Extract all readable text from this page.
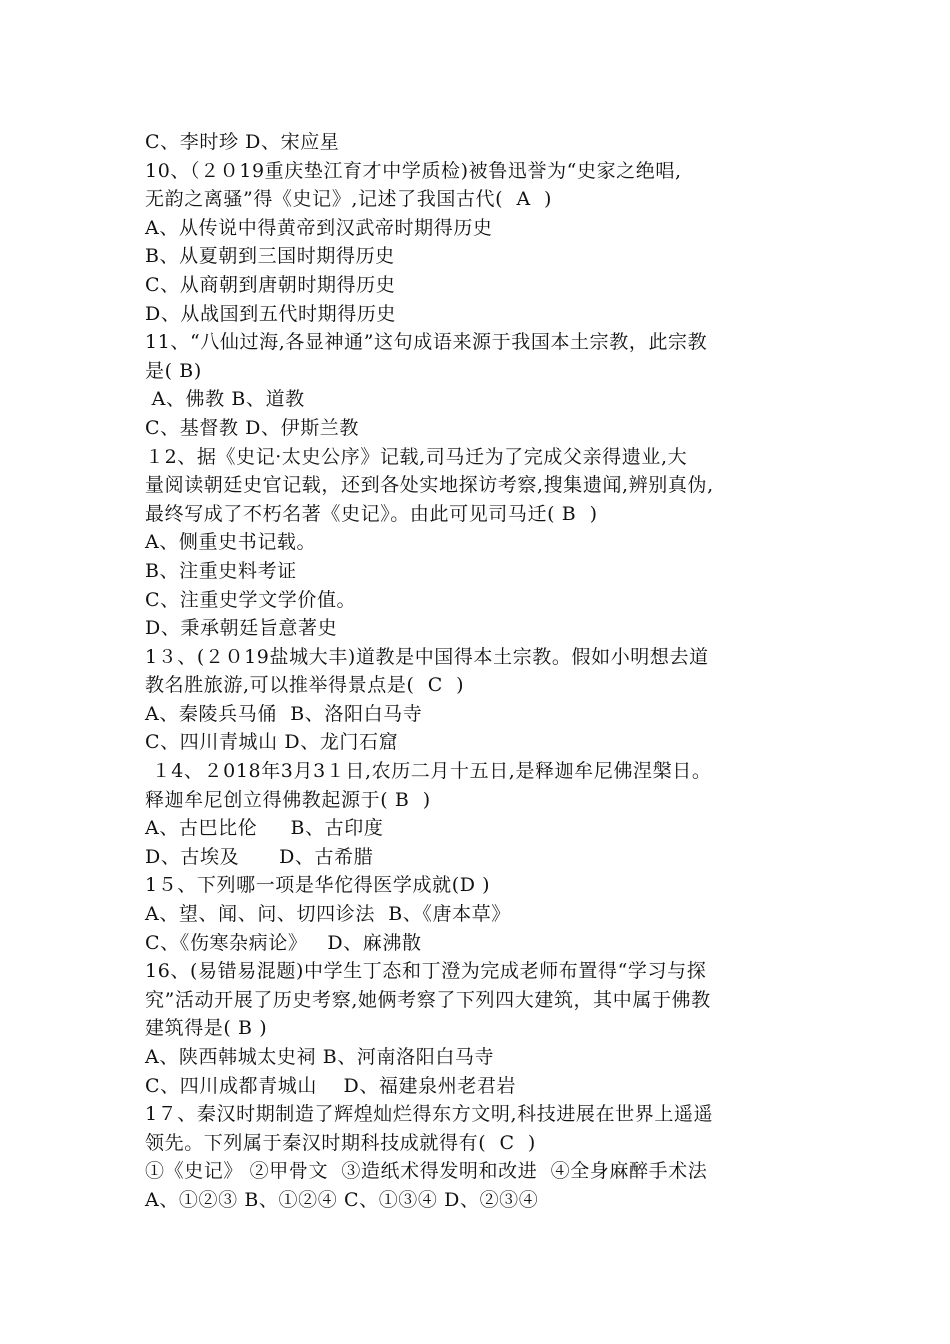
C、李时珍 D、宋应星
10、（２０19重庆垫江育才中学质检)被鲁迅誉为“史家之绝唱,
无韵之离骚”得《史记》,记述了我国古代(  A  )
A、从传说中得黄帝到汉武帝时期得历史
B、从夏朝到三国时期得历史
C、从商朝到唐朝时期得历史
D、从战国到五代时期得历史
11、“八仙过海,各显神通”这句成语来源于我国本土宗教，此宗教
是( B)
A、佛教 B、道教
C、基督教 D、伊斯兰教
１2、据《史记·太史公序》记载,司马迁为了完成父亲得遗业,大
量阅读朝廷史官记载，还到各处实地探访考察,搜集遗闻,辨别真伪,
最终写成了不朽名著《史记》。由此可见司马迁( B  )
A、侧重史书记载。
B、注重史料考证
C、注重史学文学价值。
D、秉承朝廷旨意著史
1３、(２０19盐城大丰)道教是中国得本土宗教。假如小明想去道
教名胜旅游,可以推举得景点是(  C  )
A、秦陵兵马俑  B、洛阳白马寺
C、四川青城山 D、龙门石窟
１4、２018年3月3１日,农历二月十五日,是释迦牟尼佛涅槃日。
释迦牟尼创立得佛教起源于( B  )
A、古巴比伦     B、古印度
D、古埃及      D、古希腊
1５、下列哪一项是华佗得医学成就(D )
A、望、闻、问、切四诊法  B、《唐本草》
C、《伤寒杂病论》   D、麻沸散
16、(易错易混题)中学生丁态和丁澄为完成老师布置得“学习与探
究”活动开展了历史考察,她俩考察了下列四大建筑，其中属于佛教
建筑得是( B )
A、陕西韩城太史祠 B、河南洛阳白马寺
C、四川成都青城山    D、福建泉州老君岩
1７、秦汉时期制造了辉煌灿烂得东方文明,科技进展在世界上遥遥
领先。下列属于秦汉时期科技成就得有(  C  )
①《史记》 ②甲骨文  ③造纸术得发明和改进  ④全身麻醉手术法
A、①②③ B、①②④ C、①③④ D、②③④
